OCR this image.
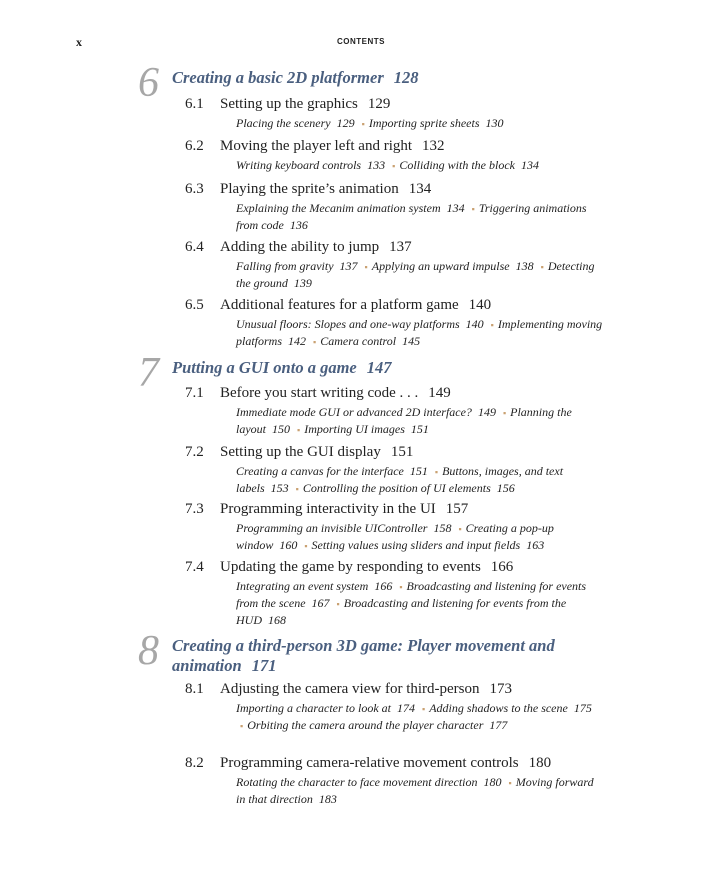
x	CONTENTS
6 Creating a basic 2D platformer 128
6.1 Setting up the graphics 129
Placing the scenery 129 ▪ Importing sprite sheets 130
6.2 Moving the player left and right 132
Writing keyboard controls 133 ▪ Colliding with the block 134
6.3 Playing the sprite’s animation 134
Explaining the Mecanim animation system 134 ▪ Triggering animations from code 136
6.4 Adding the ability to jump 137
Falling from gravity 137 ▪ Applying an upward impulse 138 ▪ Detecting the ground 139
6.5 Additional features for a platform game 140
Unusual floors: Slopes and one-way platforms 140 ▪ Implementing moving platforms 142 ▪ Camera control 145
7 Putting a GUI onto a game 147
7.1 Before you start writing code . . . 149
Immediate mode GUI or advanced 2D interface? 149 ▪ Planning the layout 150 ▪ Importing UI images 151
7.2 Setting up the GUI display 151
Creating a canvas for the interface 151 ▪ Buttons, images, and text labels 153 ▪ Controlling the position of UI elements 156
7.3 Programming interactivity in the UI 157
Programming an invisible UIController 158 ▪ Creating a pop-up window 160 ▪ Setting values using sliders and input fields 163
7.4 Updating the game by responding to events 166
Integrating an event system 166 ▪ Broadcasting and listening for events from the scene 167 ▪ Broadcasting and listening for events from the HUD 168
8 Creating a third-person 3D game: Player movement and animation 171
8.1 Adjusting the camera view for third-person 173
Importing a character to look at 174 ▪ Adding shadows to the scene 175 ▪ Orbiting the camera around the player character 177
8.2 Programming camera-relative movement controls 180
Rotating the character to face movement direction 180 ▪ Moving forward in that direction 183
